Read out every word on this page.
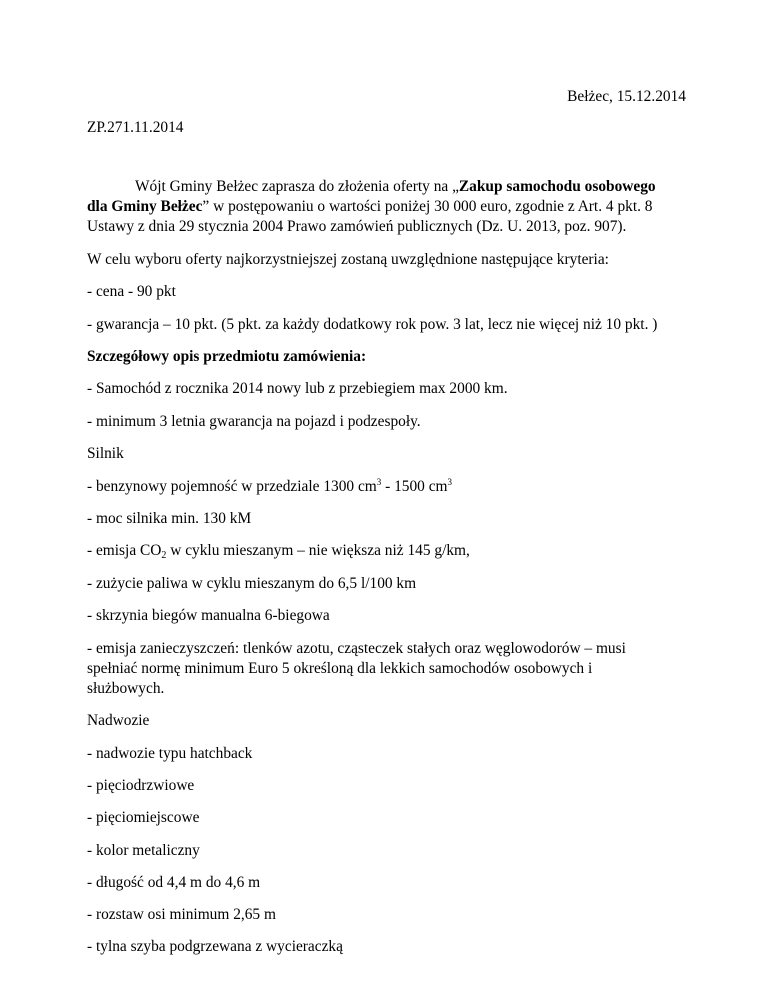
Bełżec, 15.12.2014
ZP.271.11.2014
Wójt Gminy Bełżec zaprasza do złożenia oferty na „Zakup samochodu osobowego
dla Gminy Bełżec” w postępowaniu o wartości poniżej 30 000 euro, zgodnie z Art. 4 pkt. 8
Ustawy z dnia 29 stycznia 2004 Prawo zamówień publicznych (Dz. U. 2013, poz. 907).
W celu wyboru oferty najkorzystniejszej zostaną uwzględnione następujące kryteria:
- cena - 90 pkt
- gwarancja – 10 pkt. (5 pkt. za każdy dodatkowy rok pow. 3 lat, lecz nie więcej niż 10 pkt. )
Szczegółowy opis przedmiotu zamówienia:
- Samochód z rocznika 2014 nowy lub z przebiegiem max 2000 km.
- minimum 3 letnia gwarancja na pojazd i podzespoły.
Silnik
- benzynowy pojemność w przedziale 1300 $cm^3 - 1500$ $cm^3$
- moc silnika min. 130 kM
- emisja $CO_2$ w cyklu mieszanym – nie większa niż 145 g/km,
- zużycie paliwa w cyklu mieszanym do 6,5 l/100 km
- skrzynia biegów manualna 6-biegowa
- emisja zanieczyszczeń: tlenków azotu, cząsteczek stałych oraz węglowodorów – musi
spełniać normę minimum Euro 5 określoną dla lekkich samochodów osobowych i
służbowych.
Nadwozie
- nadwozie typu hatchback
- pięciodrzwiowe
- pięciomiejscowe
- kolor metaliczny
- długość od 4,4 m do 4,6 m
- rozstaw osi minimum 2,65 m
- tylna szyba podgrzewana z wycieraczką
